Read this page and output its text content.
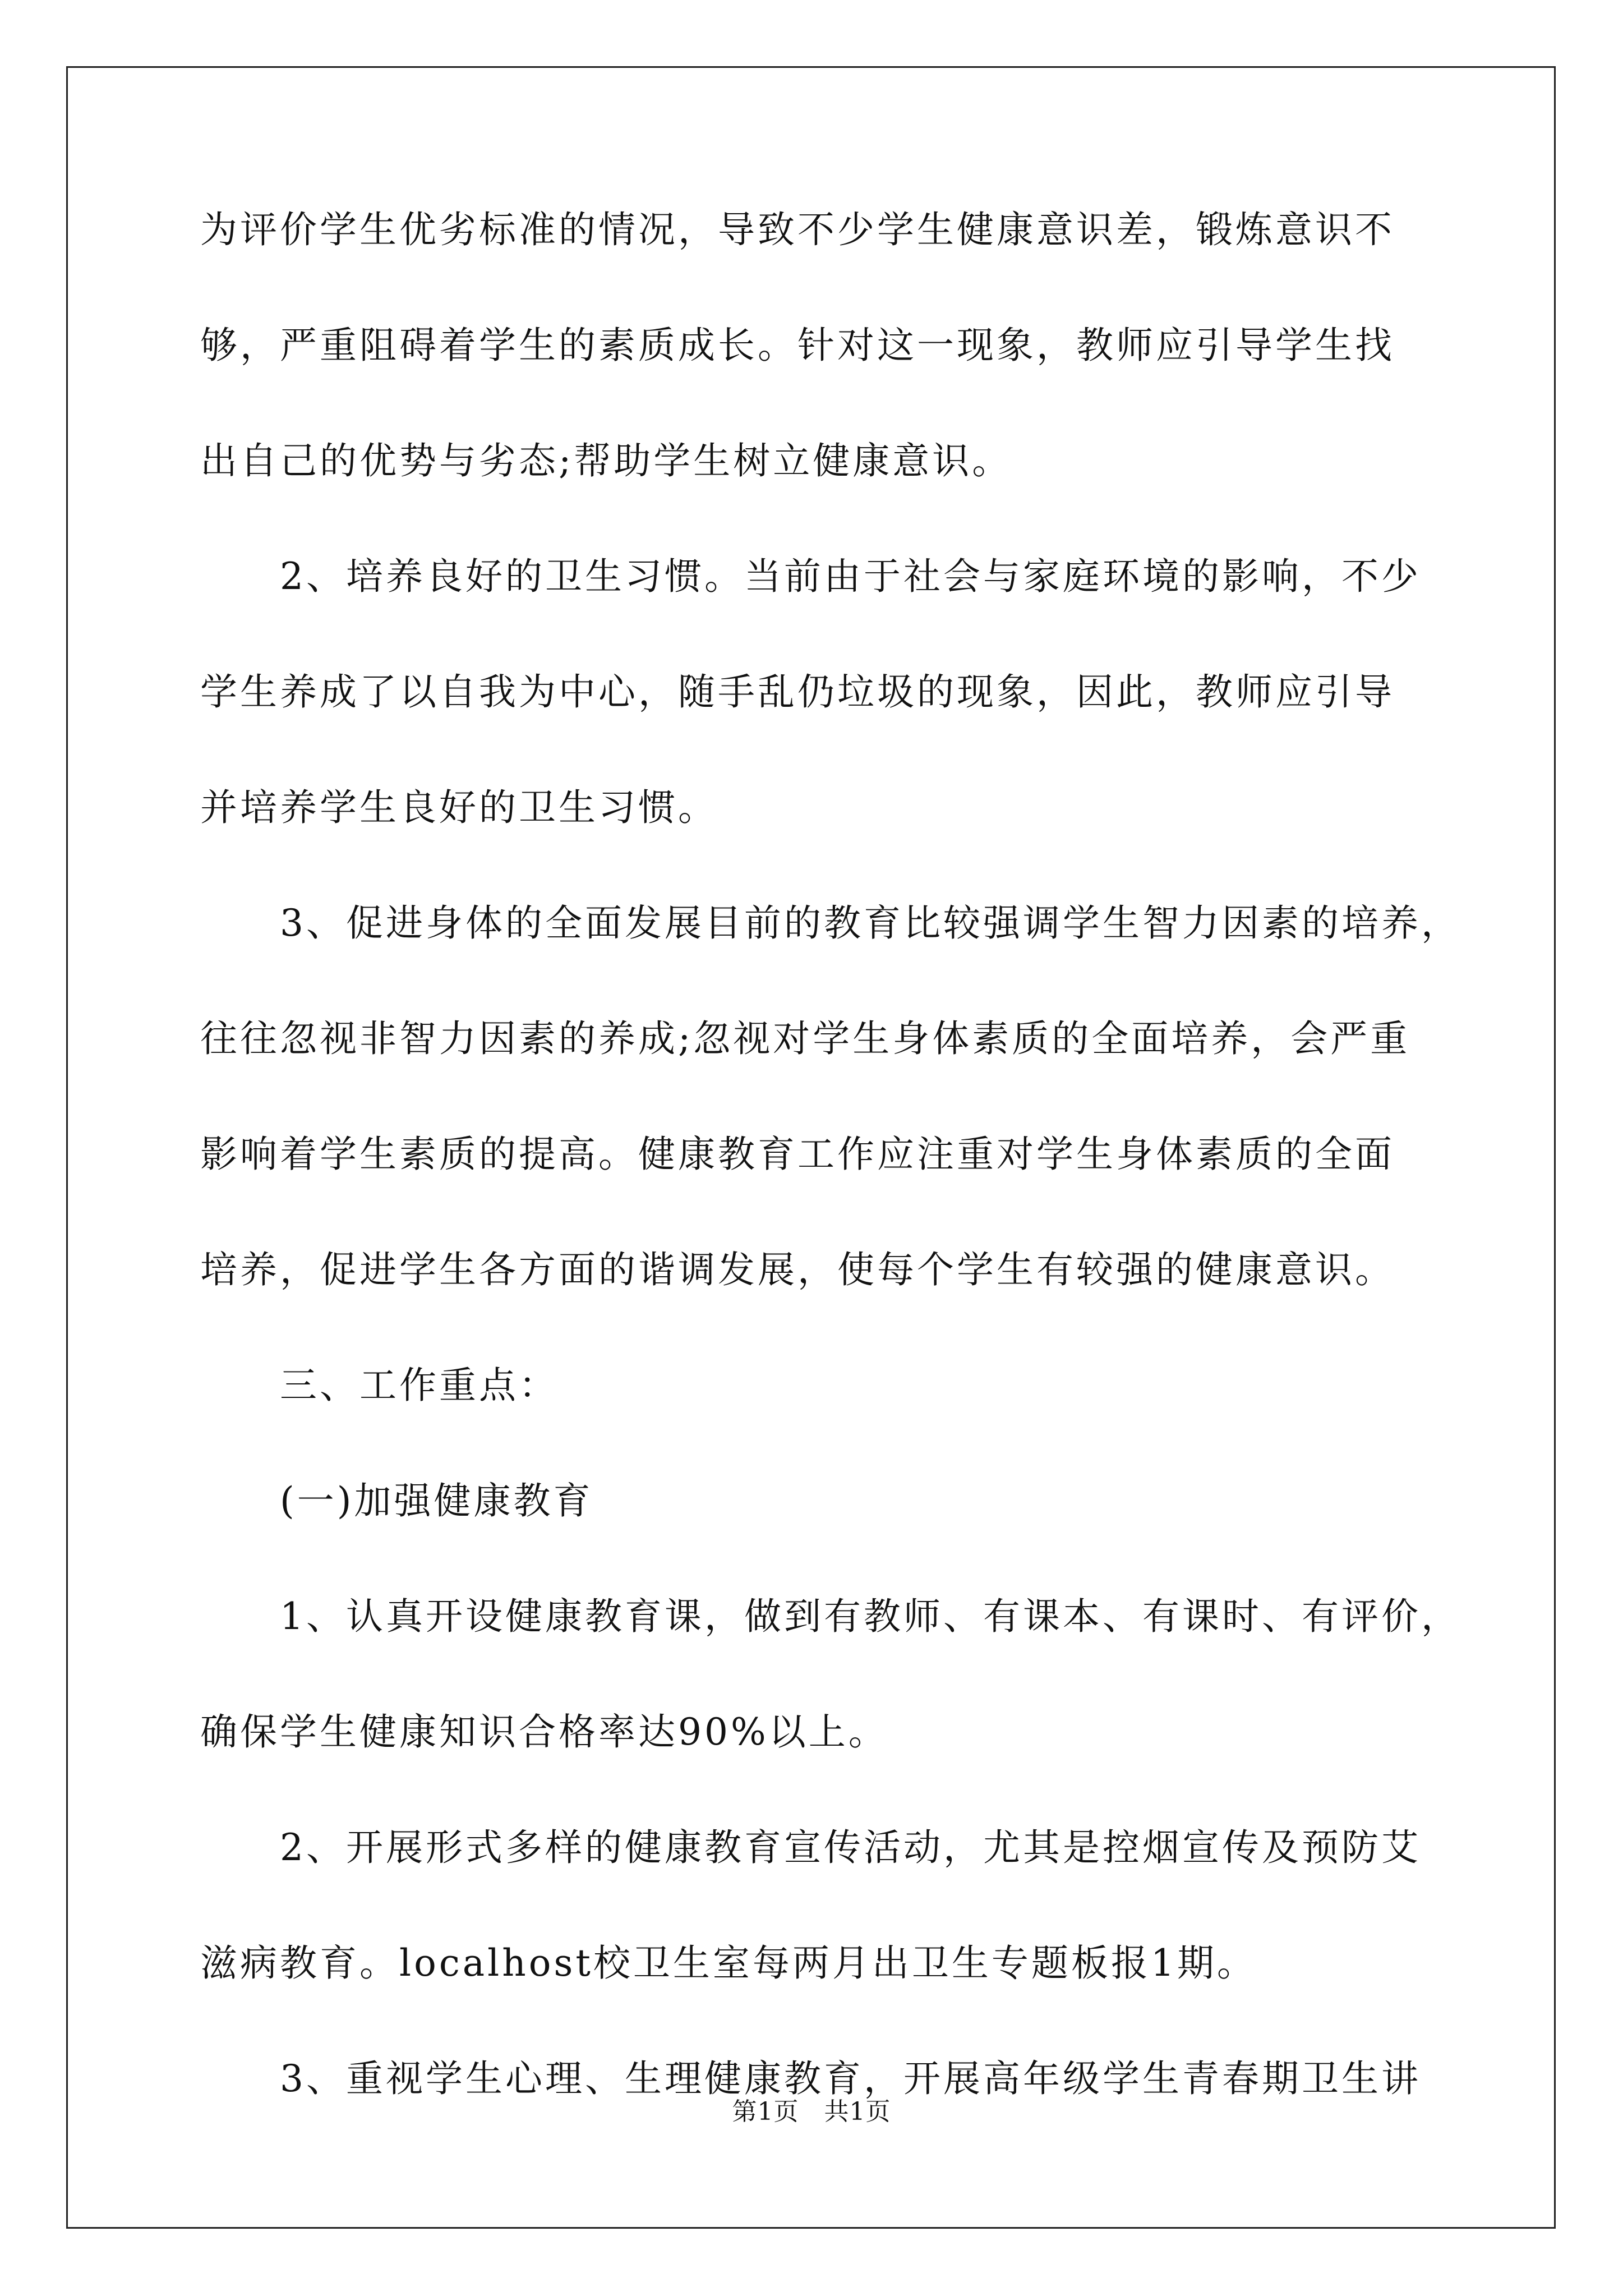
为评价学生优劣标准的情况，导致不少学生健康意识差，锻炼意识不
够，严重阻碍着学生的素质成长。针对这一现象，教师应引导学生找
出自己的优势与劣态;帮助学生树立健康意识。
　　2、培养良好的卫生习惯。当前由于社会与家庭环境的影响，不少
学生养成了以自我为中心，随手乱仍垃圾的现象，因此，教师应引导
并培养学生良好的卫生习惯。
　　3、促进身体的全面发展目前的教育比较强调学生智力因素的培养，
往往忽视非智力因素的养成;忽视对学生身体素质的全面培养，会严重
影响着学生素质的提高。健康教育工作应注重对学生身体素质的全面
培养，促进学生各方面的谐调发展，使每个学生有较强的健康意识。
　　三、工作重点：
　　(一)加强健康教育
　　1、认真开设健康教育课，做到有教师、有课本、有课时、有评价，
确保学生健康知识合格率达90%以上。
　　2、开展形式多样的健康教育宣传活动，尤其是控烟宣传及预防艾
滋病教育。localhost校卫生室每两月出卫生专题板报1期。
　　3、重视学生心理、生理健康教育，开展高年级学生青春期卫生讲
第1页　共1页
